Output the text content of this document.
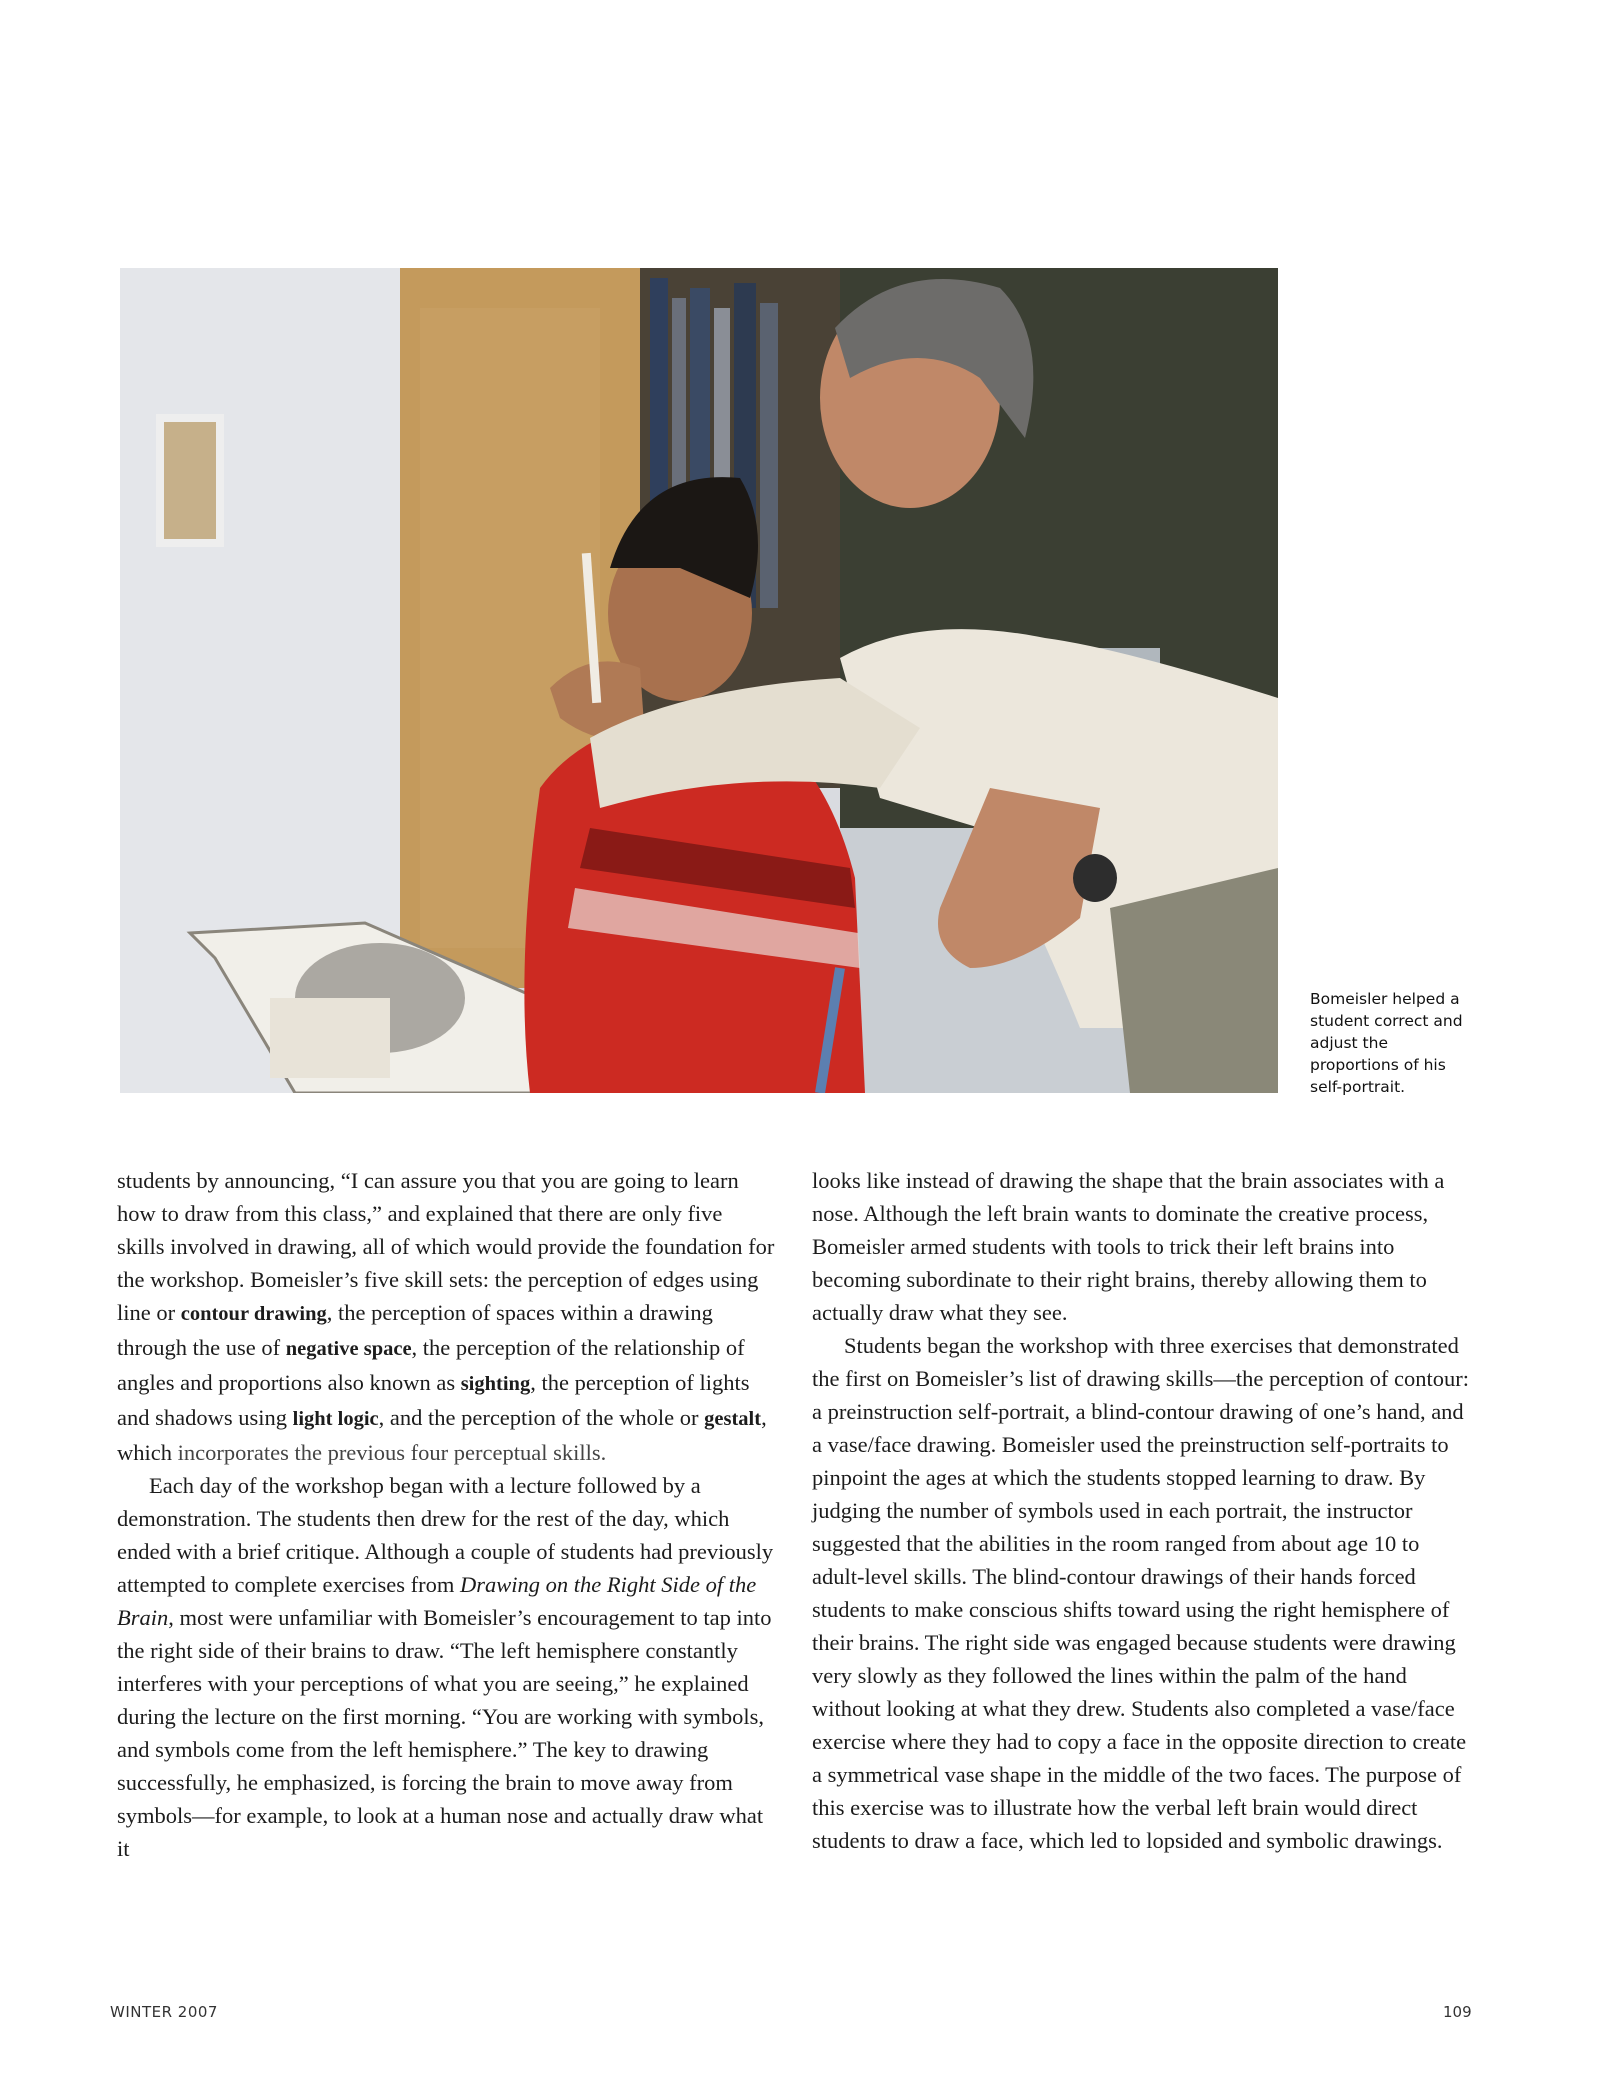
Bomeisler helped a
student correct and
adjust the
proportions of his
self-portrait.

students by announcing, “I can assure you that you are going to learn how to draw from this class,” and explained that there are only five skills involved in drawing, all of which would provide the foundation for the workshop. Bomeisler’s five skill sets: the perception of edges using line or contour drawing, the perception of spaces within a drawing through the use of negative space, the perception of the relationship of angles and proportions also known as sighting, the perception of lights and shadows using light logic, and the perception of the whole or gestalt, which incorporates the previous four perceptual skills.

Each day of the workshop began with a lecture followed by a demonstration. The students then drew for the rest of the day, which ended with a brief critique. Although a couple of students had previously attempted to complete exercises from Drawing on the Right Side of the Brain, most were unfamiliar with Bomeisler’s encouragement to tap into the right side of their brains to draw. “The left hemisphere constantly interferes with your perceptions of what you are seeing,” he explained during the lecture on the first morning. “You are working with symbols, and symbols come from the left hemisphere.” The key to drawing successfully, he emphasized, is forcing the brain to move away from symbols—for example, to look at a human nose and actually draw what it

looks like instead of drawing the shape that the brain associates with a nose. Although the left brain wants to dominate the creative process, Bomeisler armed students with tools to trick their left brains into becoming subordinate to their right brains, thereby allowing them to actually draw what they see.

Students began the workshop with three exercises that demonstrated the first on Bomeisler’s list of drawing skills—the perception of contour: a preinstruction self-portrait, a blind-contour drawing of one’s hand, and a vase/face drawing. Bomeisler used the preinstruction self-portraits to pinpoint the ages at which the students stopped learning to draw. By judging the number of symbols used in each portrait, the instructor suggested that the abilities in the room ranged from about age 10 to adult-level skills. The blind-contour drawings of their hands forced students to make conscious shifts toward using the right hemisphere of their brains. The right side was engaged because students were drawing very slowly as they followed the lines within the palm of the hand without looking at what they drew. Students also completed a vase/face exercise where they had to copy a face in the opposite direction to create a symmetrical vase shape in the middle of the two faces. The purpose of this exercise was to illustrate how the verbal left brain would direct students to draw a face, which led to lopsided and symbolic drawings.

WINTER 2007	109
